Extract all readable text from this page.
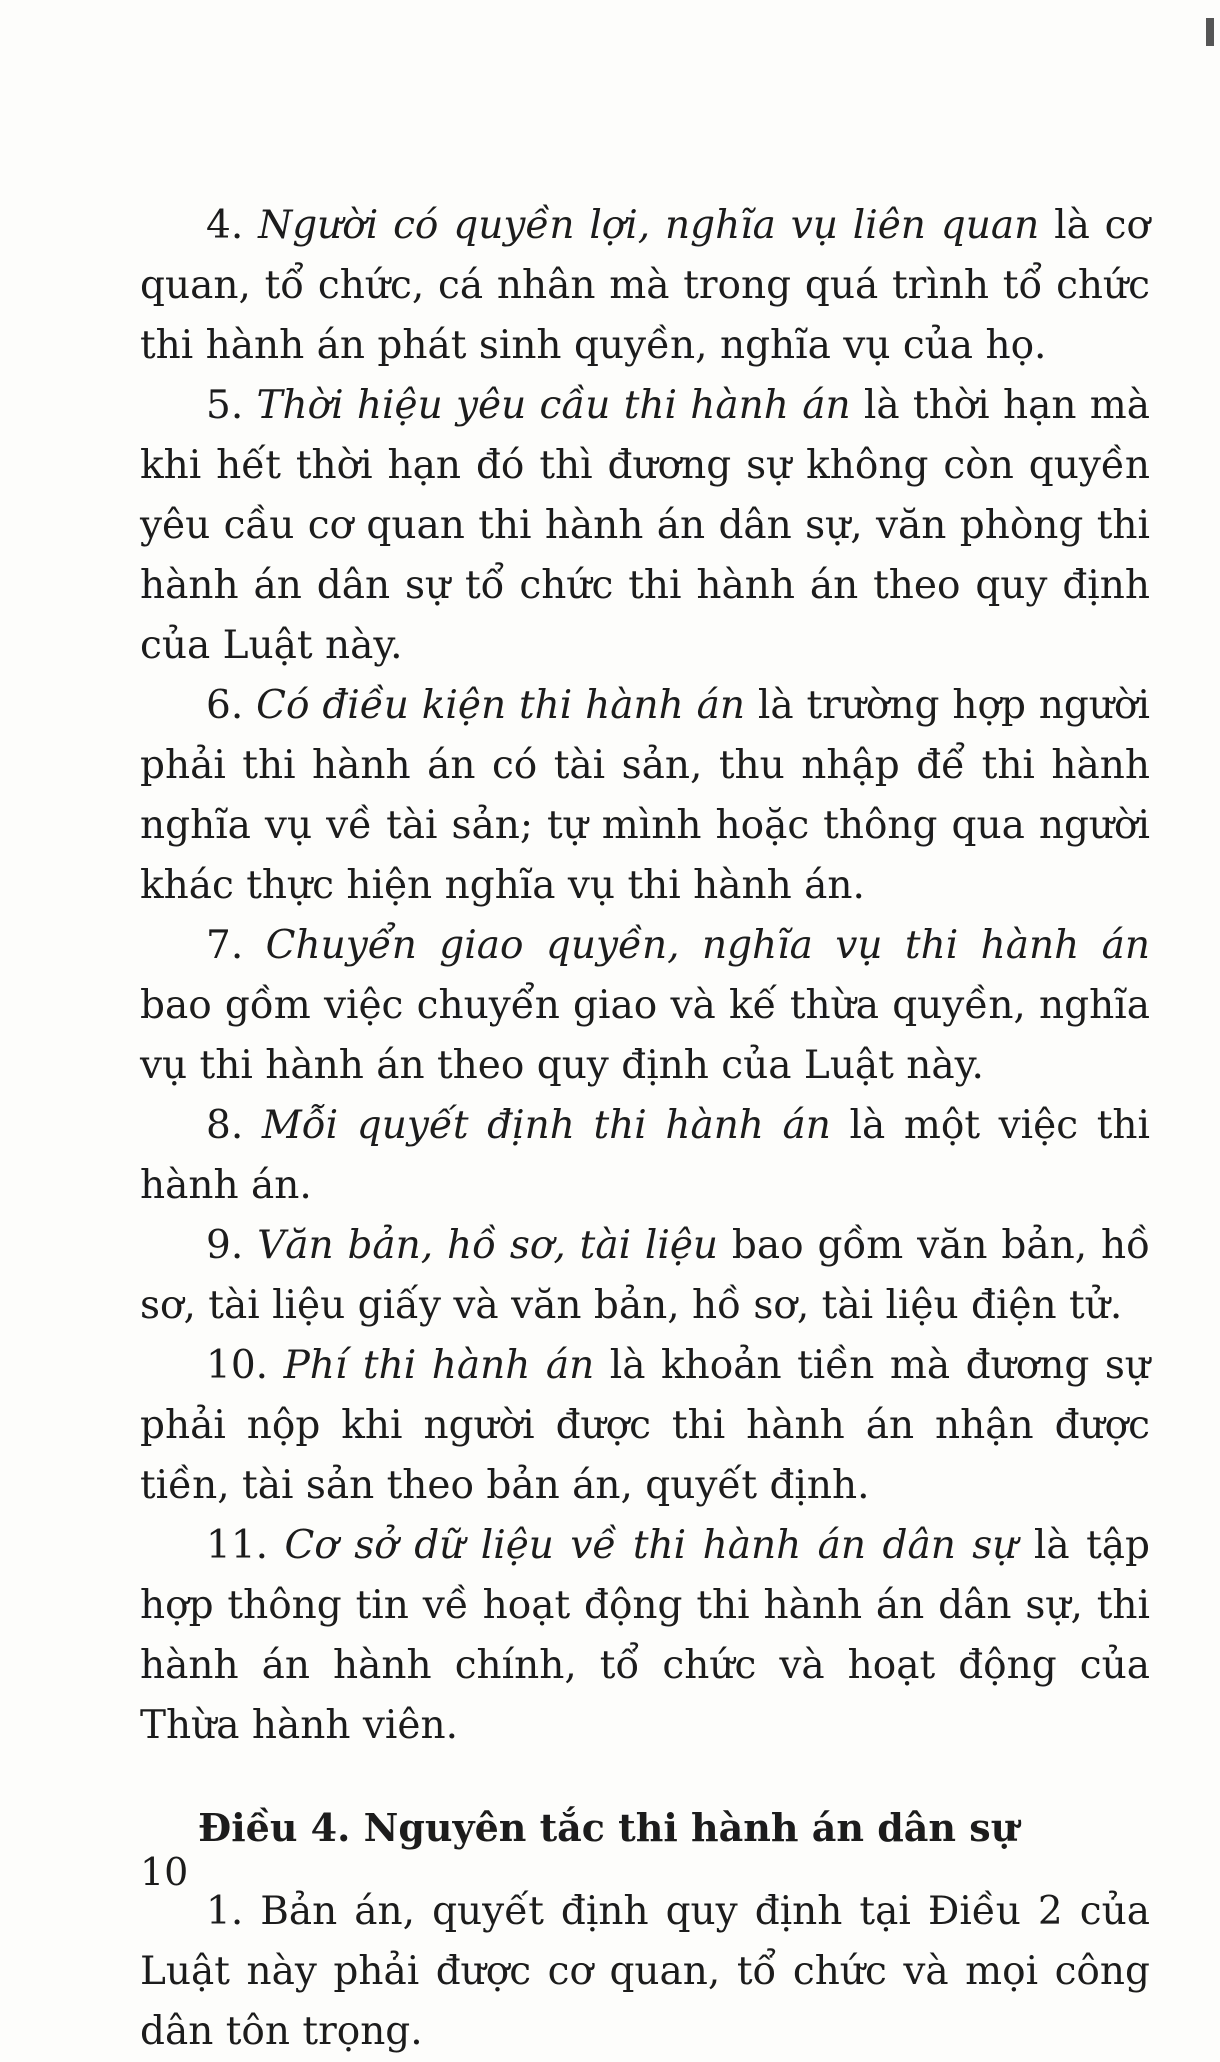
4. Người có quyền lợi, nghĩa vụ liên quan là cơ quan, tổ chức, cá nhân mà trong quá trình tổ chức thi hành án phát sinh quyền, nghĩa vụ của họ.

5. Thời hiệu yêu cầu thi hành án là thời hạn mà khi hết thời hạn đó thì đương sự không còn quyền yêu cầu cơ quan thi hành án dân sự, văn phòng thi hành án dân sự tổ chức thi hành án theo quy định của Luật này.

6. Có điều kiện thi hành án là trường hợp người phải thi hành án có tài sản, thu nhập để thi hành nghĩa vụ về tài sản; tự mình hoặc thông qua người khác thực hiện nghĩa vụ thi hành án.

7. Chuyển giao quyền, nghĩa vụ thi hành án bao gồm việc chuyển giao và kế thừa quyền, nghĩa vụ thi hành án theo quy định của Luật này.

8. Mỗi quyết định thi hành án là một việc thi hành án.

9. Văn bản, hồ sơ, tài liệu bao gồm văn bản, hồ sơ, tài liệu giấy và văn bản, hồ sơ, tài liệu điện tử.

10. Phí thi hành án là khoản tiền mà đương sự phải nộp khi người được thi hành án nhận được tiền, tài sản theo bản án, quyết định.

11. Cơ sở dữ liệu về thi hành án dân sự là tập hợp thông tin về hoạt động thi hành án dân sự, thi hành án hành chính, tổ chức và hoạt động của Thừa hành viên.

Điều 4. Nguyên tắc thi hành án dân sự

1. Bản án, quyết định quy định tại Điều 2 của Luật này phải được cơ quan, tổ chức và mọi công dân tôn trọng.

10
